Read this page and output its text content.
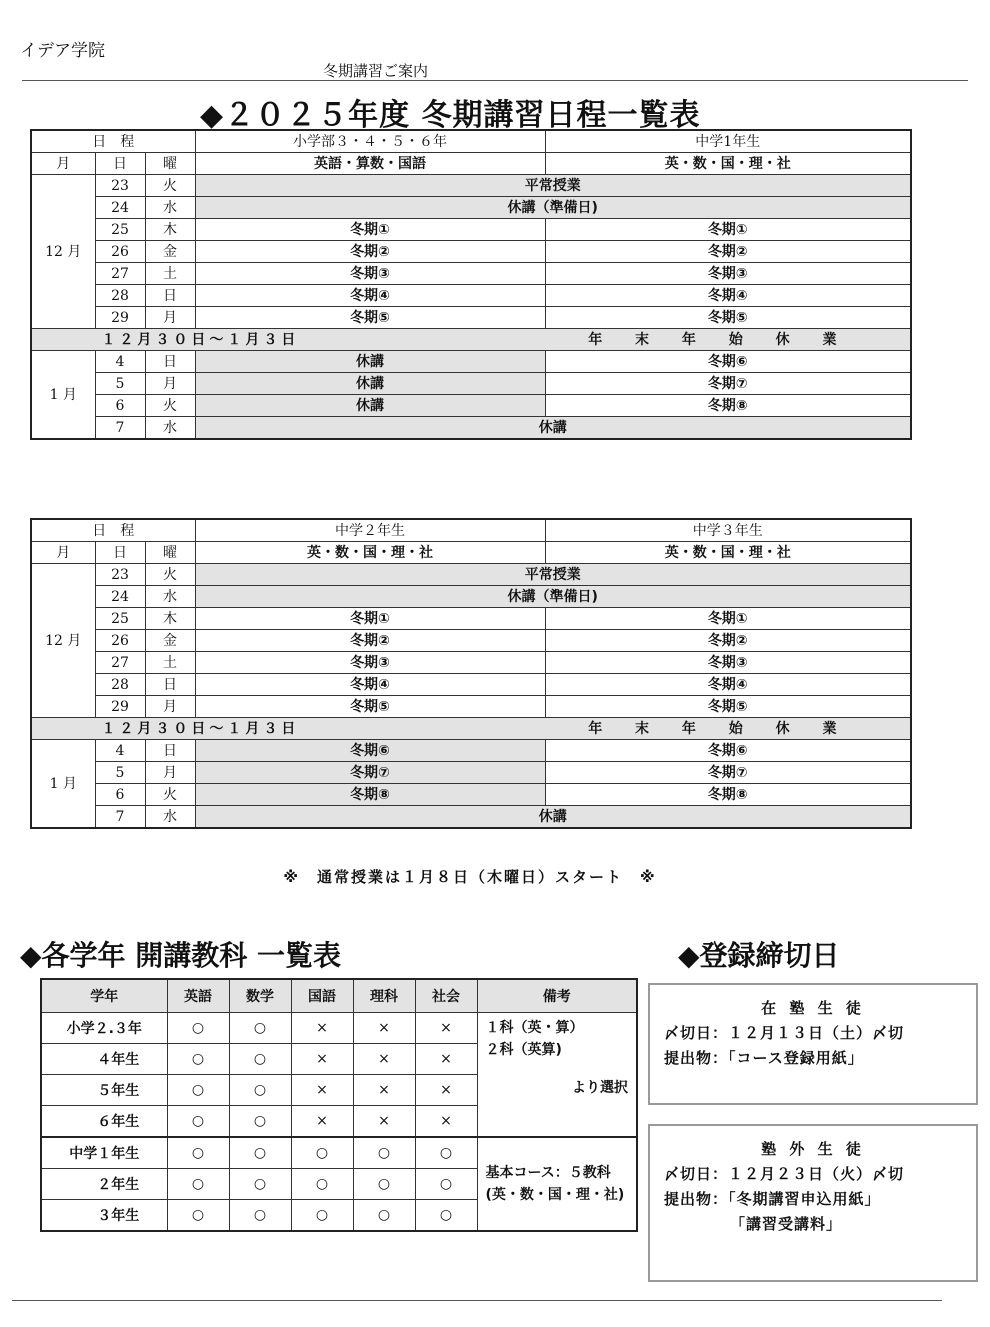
イデア学院
冬期講習ご案内
◆２０２５年度 冬期講習日程一覧表
日　程			小学部３・４・５・６年	中学1年生
月	日	曜	英語・算数・国語	英・数・国・理・社
12 月	23	火	平常授業	
	24	水	休講（準備日)	
	25	木	冬期①	冬期①
	26	金	冬期②	冬期②
	27	土	冬期③	冬期③
	28	日	冬期④	冬期④
	29	月	冬期⑤	冬期⑤
１２月３０日～１月３日 年 末 年 始 休 業				
1 月	4	日	休講	冬期⑥
	5	月	休講	冬期⑦
	6	火	休講	冬期⑧
	7	水	休講	
日　程			中学２年生	中学３年生
月	日	曜	英・数・国・理・社	英・数・国・理・社
12 月	23	火	平常授業	
	24	水	休講（準備日)	
	25	木	冬期①	冬期①
	26	金	冬期②	冬期②
	27	土	冬期③	冬期③
	28	日	冬期④	冬期④
	29	月	冬期⑤	冬期⑤
１２月３０日～１月３日 年 末 年 始 休 業				
1 月	4	日	冬期⑥	冬期⑥
	5	月	冬期⑦	冬期⑦
	6	火	冬期⑧	冬期⑧
	7	水	休講	
※　通常授業は１月８日（木曜日）スタート　※
◆各学年 開講教科 一覧表	◆登録締切日
学年	英語	数学	国語	理科	社会	備考
小学２.３年	○	○	×	×	×	１科（英・算）
２科（英算)
より選択

４年生	○	○	×	×	×	
５年生	○	○	×	×	×	
６年生	○	○	×	×	×	
中学１年生	○	○	○	○	○	基本コース：５教科
(英・数・国・理・社)

２年生	○	○	○	○	○	
３年生	○	○	○	○	○	
在 塾 生 徒
〆切日：１２月１３日（土）〆切
提出物：「コース登録用紙」
塾 外 生 徒
〆切日：１２月２３日（火）〆切
提出物：「冬期講習申込用紙」
「講習受講料」
